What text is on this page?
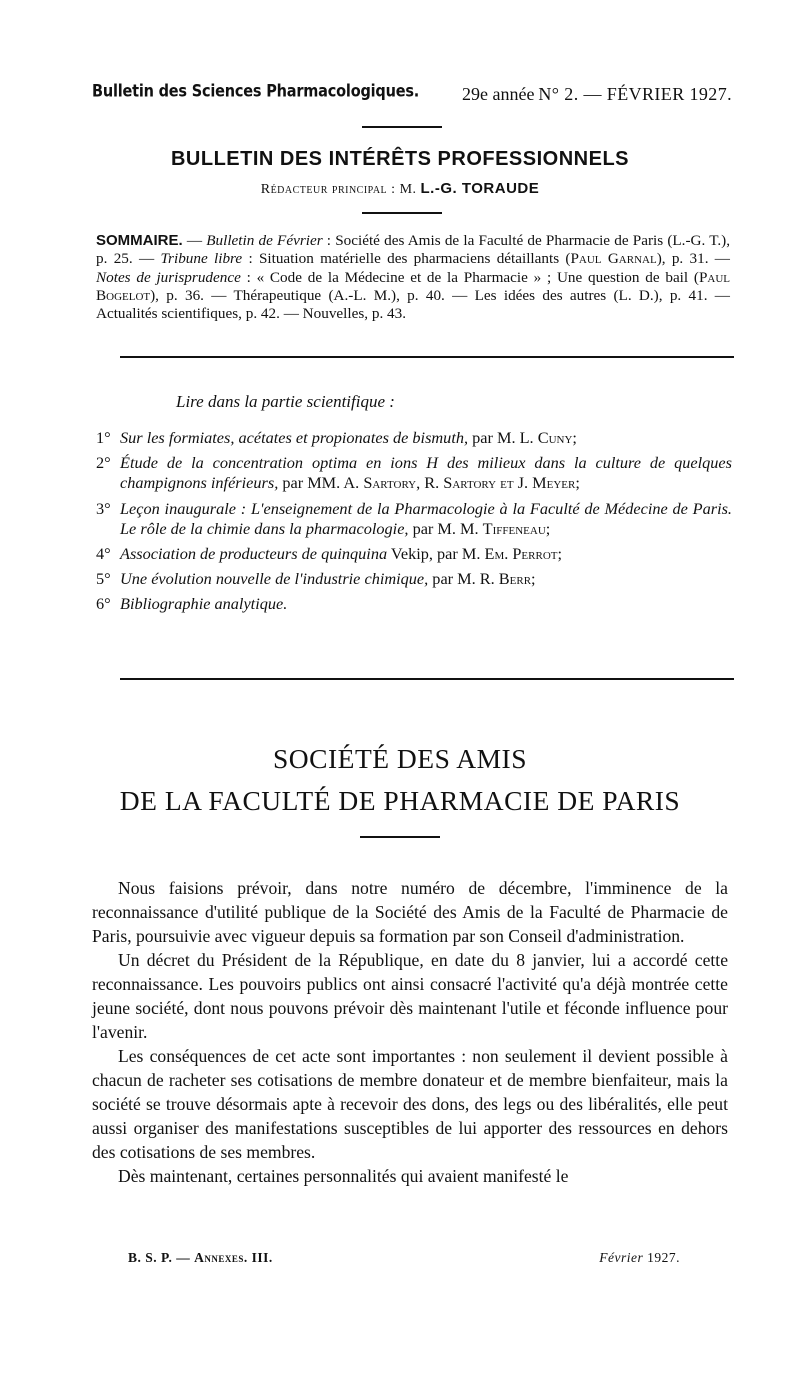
Bulletin des Sciences Pharmacologiques. 29e année N° 2. — FÉVRIER 1927.
BULLETIN DES INTÉRÊTS PROFESSIONNELS
Rédacteur principal : M. L.-G. TORAUDE
SOMMAIRE. — Bulletin de Février : Société des Amis de la Faculté de Pharmacie de Paris (L.-G. T.), p. 25. — Tribune libre : Situation matérielle des pharmaciens détaillants (Paul Garnal), p. 31. — Notes de jurisprudence : « Code de la Médecine et de la Pharmacie » ; Une question de bail (Paul Bogelot), p. 36. — Thérapeutique (A.-L. M.), p. 40. — Les idées des autres (L. D.), p. 41. — Actualités scientifiques, p. 42. — Nouvelles, p. 43.
Lire dans la partie scientifique :
1° Sur les formiates, acétates et propionates de bismuth, par M. L. Cuny;
2° Étude de la concentration optima en ions H des milieux dans la culture de quelques champignons inférieurs, par MM. A. Sartory, R. Sartory et J. Meyer;
3° Leçon inaugurale : L'enseignement de la Pharmacologie à la Faculté de Médecine de Paris. Le rôle de la chimie dans la pharmacologie, par M. M. Tiffeneau;
4° Association de producteurs de quinquina Vekip, par M. Em. Perrot;
5° Une évolution nouvelle de l'industrie chimique, par M. R. Berr;
6° Bibliographie analytique.
SOCIÉTÉ DES AMIS
DE LA FACULTÉ DE PHARMACIE DE PARIS

Nous faisions prévoir, dans notre numéro de décembre, l'imminence de la reconnaissance d'utilité publique de la Société des Amis de la Faculté de Pharmacie de Paris, poursuivie avec vigueur depuis sa formation par son Conseil d'administration.

Un décret du Président de la République, en date du 8 janvier, lui a accordé cette reconnaissance. Les pouvoirs publics ont ainsi consacré l'activité qu'a déjà montrée cette jeune société, dont nous pouvons prévoir dès maintenant l'utile et féconde influence pour l'avenir.

Les conséquences de cet acte sont importantes : non seulement il devient possible à chacun de racheter ses cotisations de membre donateur et de membre bienfaiteur, mais la société se trouve désormais apte à recevoir des dons, des legs ou des libéralités, elle peut aussi organiser des manifestations susceptibles de lui apporter des ressources en dehors des cotisations de ses membres.

Dès maintenant, certaines personnalités qui avaient manifesté le

B. S. P. — Annexes. III.	Février 1927.
